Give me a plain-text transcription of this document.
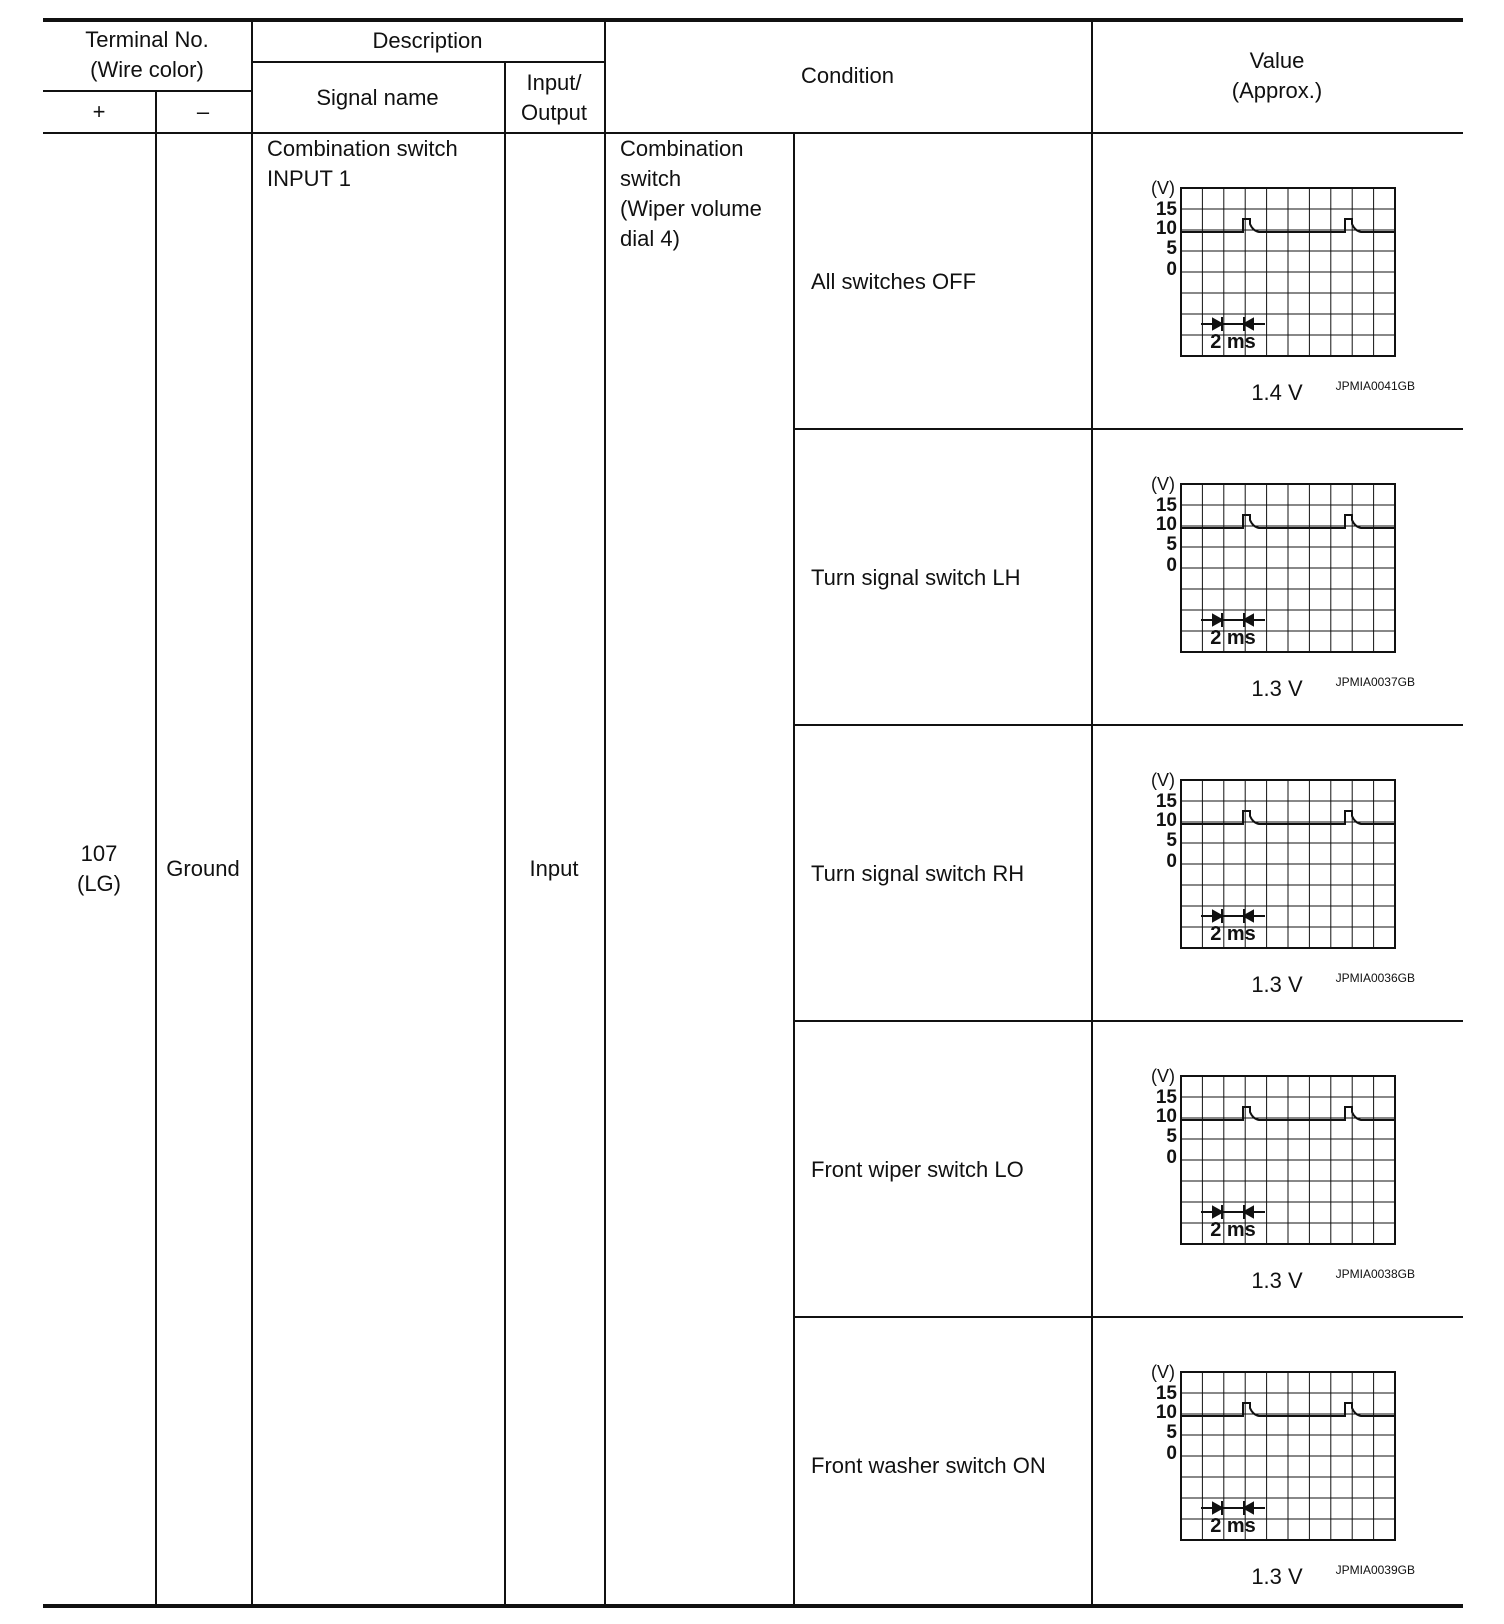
Terminal No.
(Wire color)
+	–
Description
Signal name
Input/
Output
Condition
Value
(Approx.)
107
(LG)
Ground
Combination switch
INPUT 1
Input
Combination
switch
(Wiper volume
dial 4)
All switches OFF
(V)
15
10
5
0
2 ms
JPMIA0041GB
1.4 V
Turn signal switch LH
(V)
15
10
5
0
2 ms
JPMIA0037GB
1.3 V
Turn signal switch RH
(V)
15
10
5
0
2 ms
JPMIA0036GB
1.3 V
Front wiper switch LO
(V)
15
10
5
0
2 ms
JPMIA0038GB
1.3 V
Front washer switch ON
(V)
15
10
5
0
2 ms
JPMIA0039GB
1.3 V
